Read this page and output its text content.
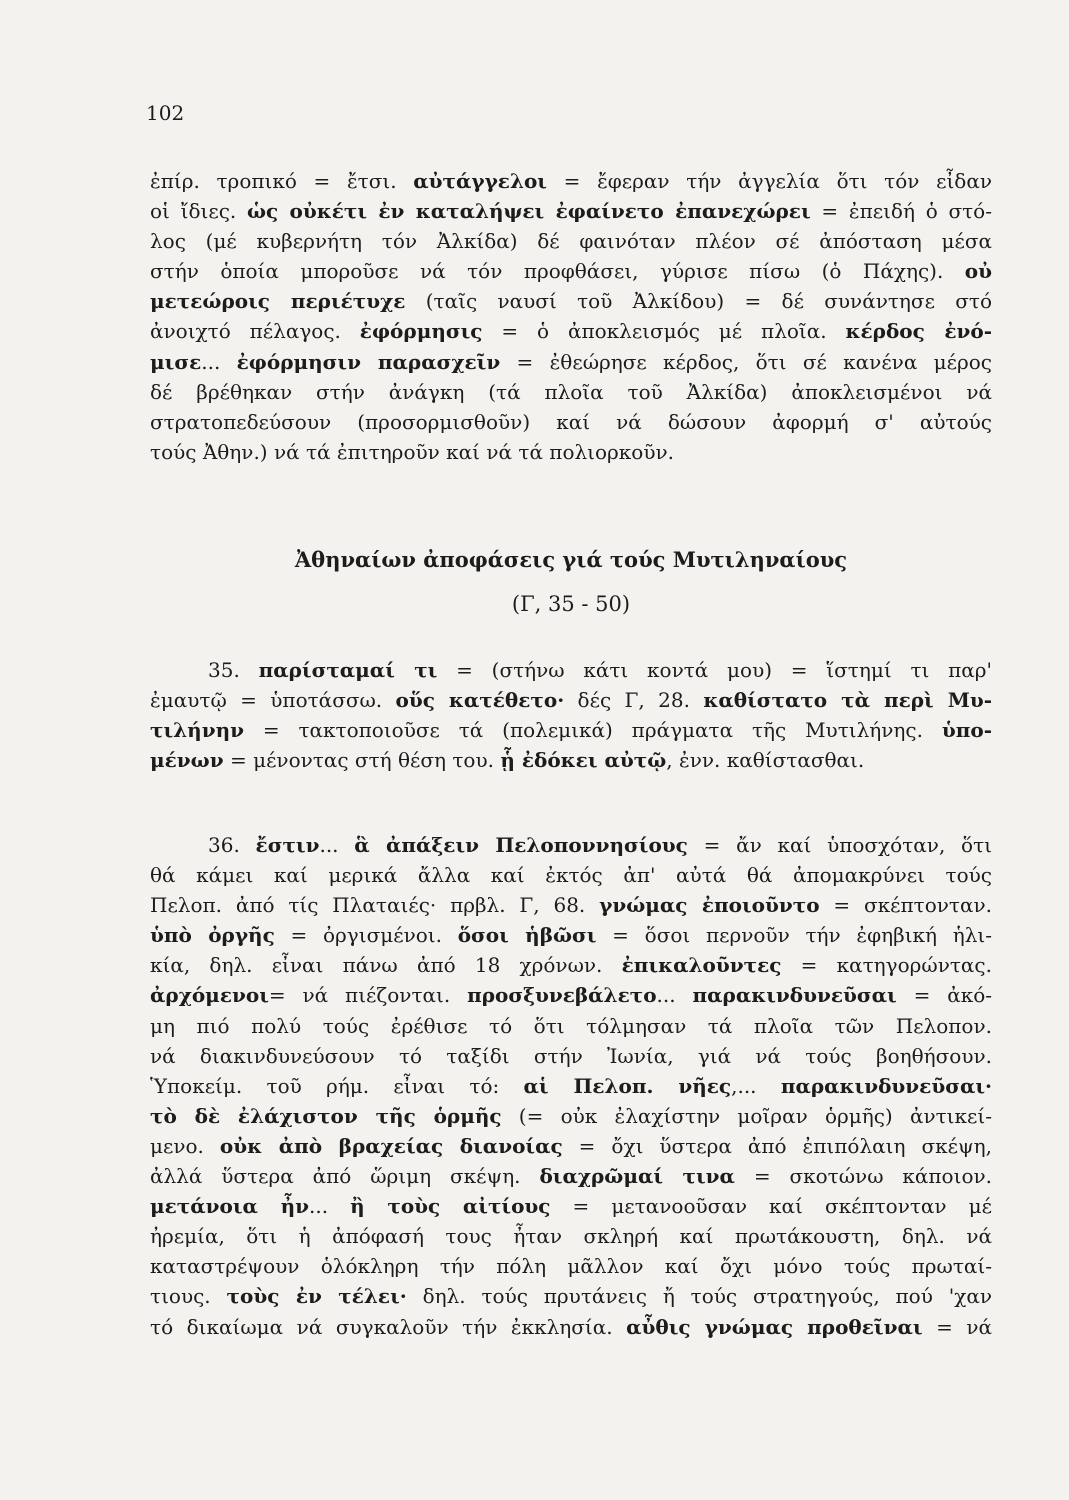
102
ἐπίρ. τροπικό = ἔτσι. αὐτάγγελοι = ἔφεραν τήν ἀγγελία ὅτι τόν εἶδαν
οἱ ἴδιες. ὡς οὐκέτι ἐν καταλήψει ἐφαίνετο ἐπανεχώρει = ἐπειδή ὁ στό-
λος (μέ κυβερνήτη τόν Ἀλκίδα) δέ φαινόταν πλέον σέ ἀπόσταση μέσα
στήν ὁποία μποροῦσε νά τόν προφθάσει, γύρισε πίσω (ὁ Πάχης). οὐ
μετεώροις περιέτυχε (ταῖς ναυσί τοῦ Ἀλκίδου) = δέ συνάντησε στό
ἀνοιχτό πέλαγος. ἐφόρμησις = ὁ ἀποκλεισμός μέ πλοῖα. κέρδος ἐνό-
μισε... ἐφόρμησιν παρασχεῖν = ἐθεώρησε κέρδος, ὅτι σέ κανένα μέρος
δέ βρέθηκαν στήν ἀνάγκη (τά πλοῖα τοῦ Ἀλκίδα) ἀποκλεισμένοι νά
στρατοπεδεύσουν (προσορμισθοῦν) καί νά δώσουν ἀφορμή σ' αὐτούς
τούς Ἀθην.) νά τά ἐπιτηροῦν καί νά τά πολιορκοῦν.
Ἀθηναίων ἀποφάσεις γιά τούς Μυτιληναίους
(Γ, 35 - 50)
35. παρίσταμαί τι = (στήνω κάτι κοντά μου) = ἵστημί τι παρ'
ἐμαυτῷ = ὑποτάσσω. οὕς κατέθετο· δές Γ, 28. καθίστατο τὰ περὶ Μυ-
τιλήνην = τακτοποιοῦσε τά (πολεμικά) πράγματα τῆς Μυτιλήνης. ὑπο-
μένων = μένοντας στή θέση του. ᾗ ἐδόκει αὐτῷ, ἐνν. καθίστασθαι.
36. ἔστιν... ἃ ἀπάξειν Πελοποννησίους = ἄν καί ὑποσχόταν, ὅτι
θά κάμει καί μερικά ἄλλα καί ἐκτός ἀπ' αὐτά θά ἀπομακρύνει τούς
Πελοπ. ἀπό τίς Πλαταιές· πρβλ. Γ, 68. γνώμας ἐποιοῦντο = σκέπτονταν.
ὑπὸ ὀργῆς = ὀργισμένοι. ὅσοι ἡβῶσι = ὅσοι περνοῦν τήν ἐφηβική ἡλι-
κία, δηλ. εἶναι πάνω ἀπό 18 χρόνων. ἐπικαλοῦντες = κατηγορώντας.
ἀρχόμενοι= νά πιέζονται. προσξυνεβάλετο... παρακινδυνεῦσαι = ἀκό-
μη πιό πολύ τούς ἐρέθισε τό ὅτι τόλμησαν τά πλοῖα τῶν Πελοπον.
νά διακινδυνεύσουν τό ταξίδι στήν Ἰωνία, γιά νά τούς βοηθήσουν.
Ὑποκείμ. τοῦ ρήμ. εἶναι τό: αἱ Πελοπ. νῆες,... παρακινδυνεῦσαι·
τὸ δὲ ἐλάχιστον τῆς ὁρμῆς (= οὐκ ἐλαχίστην μοῖραν ὁρμῆς) ἀντικεί-
μενο. οὐκ ἀπὸ βραχείας διανοίας = ὄχι ὕστερα ἀπό ἐπιπόλαιη σκέψη,
ἀλλά ὕστερα ἀπό ὥριμη σκέψη. διαχρῶμαί τινα = σκοτώνω κάποιον.
μετάνοια ἦν... ἢ τοὺς αἰτίους = μετανοοῦσαν καί σκέπτονταν μέ
ἠρεμία, ὅτι ἡ ἀπόφασή τους ἦταν σκληρή καί πρωτάκουστη, δηλ. νά
καταστρέψουν ὁλόκληρη τήν πόλη μᾶλλον καί ὄχι μόνο τούς πρωταί-
τιους. τοὺς ἐν τέλει· δηλ. τούς πρυτάνεις ἤ τούς στρατηγούς, πού 'χαν
τό δικαίωμα νά συγκαλοῦν τήν ἐκκλησία. αὖθις γνώμας προθεῖναι = νά
